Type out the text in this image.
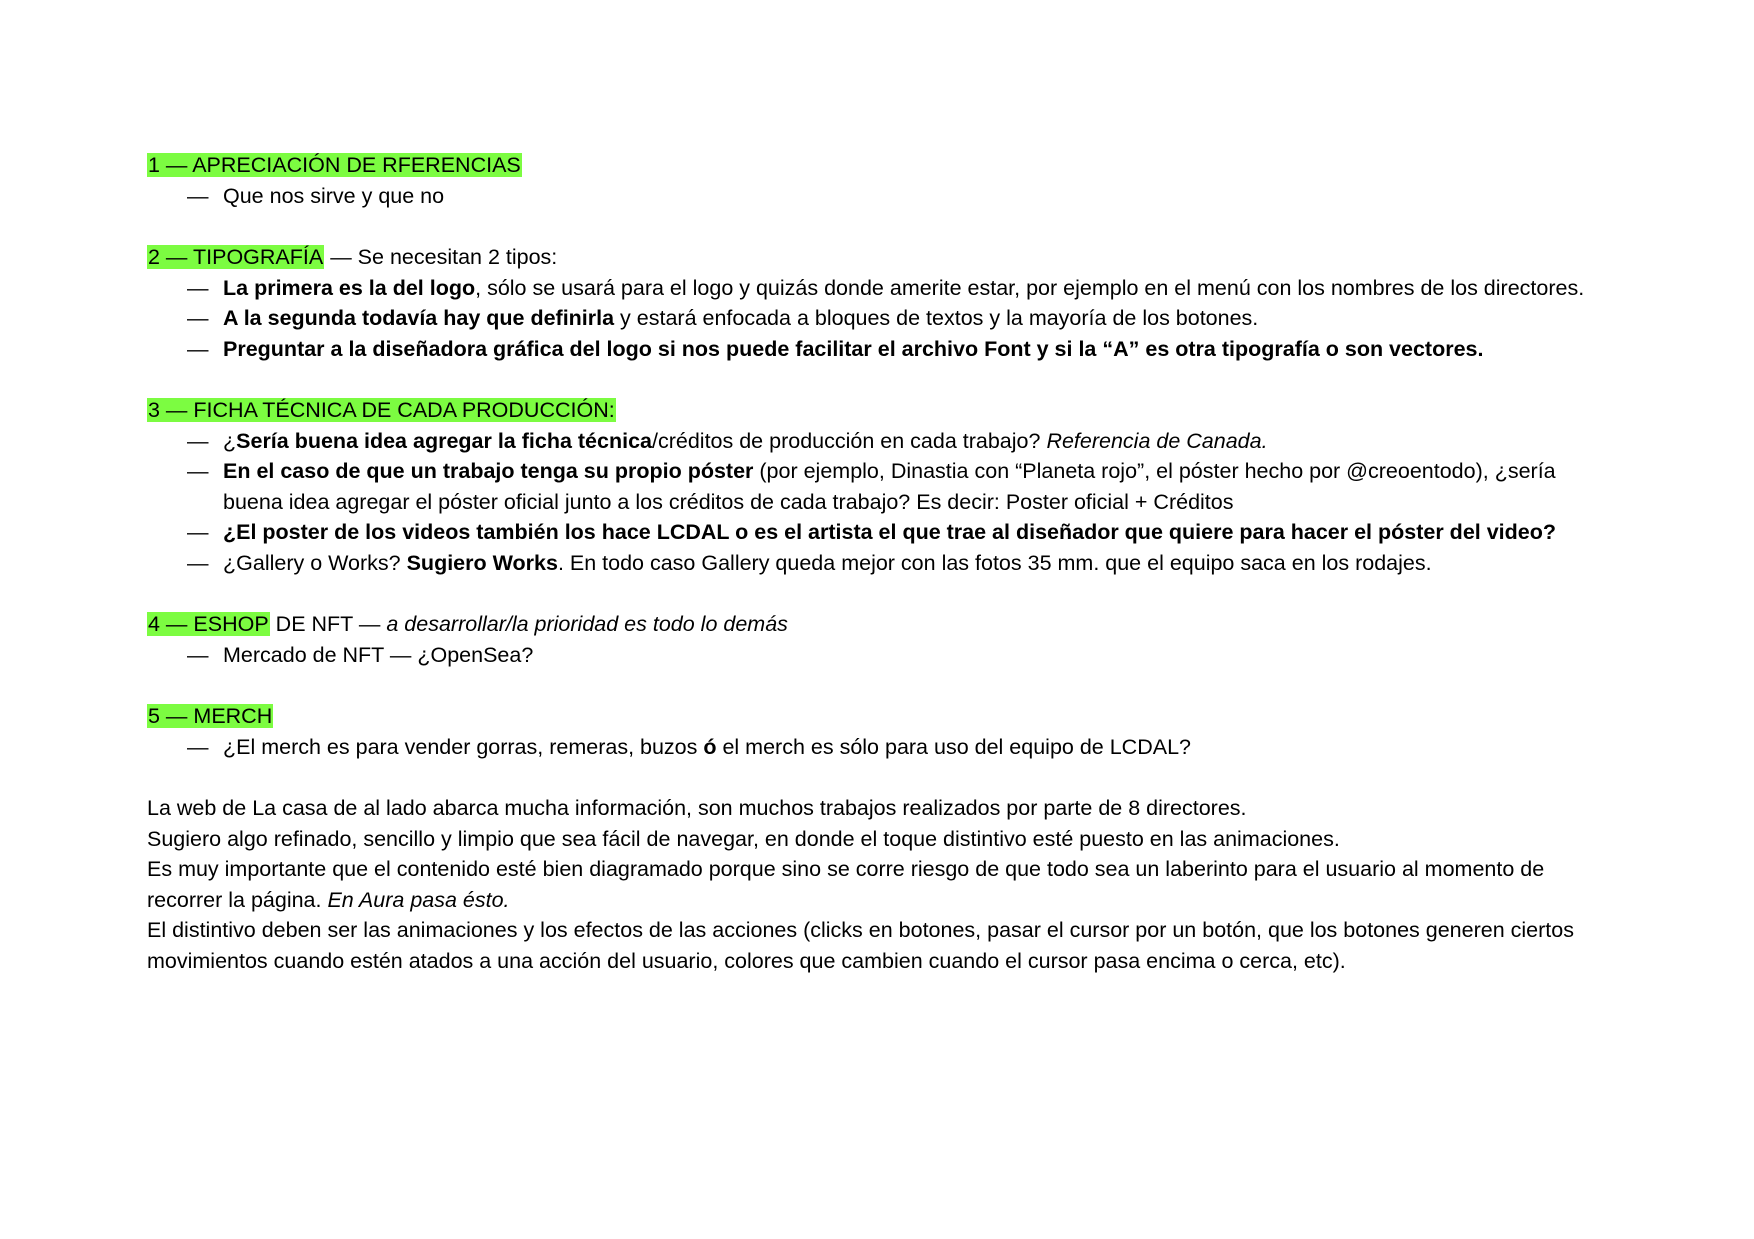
1 — APRECIACIÓN DE RFERENCIAS

— Que nos sirve y que no

2 — TIPOGRAFÍA — Se necesitan 2 tipos:

— La primera es la del logo, sólo se usará para el logo y quizás donde amerite estar, por ejemplo en el menú con los nombres de los directores.
— A la segunda todavía hay que definirla y estará enfocada a bloques de textos y la mayoría de los botones.
— Preguntar a la diseñadora gráfica del logo si nos puede facilitar el archivo Font y si la “A” es otra tipografía o son vectores.

3 — FICHA TÉCNICA DE CADA PRODUCCIÓN:

— ¿Sería buena idea agregar la ficha técnica/créditos de producción en cada trabajo? Referencia de Canada.
— En el caso de que un trabajo tenga su propio póster (por ejemplo, Dinastia con “Planeta rojo”, el póster hecho por @creoentodo), ¿sería buena idea agregar el póster oficial junto a los créditos de cada trabajo? Es decir: Poster oficial + Créditos
— ¿El poster de los videos también los hace LCDAL o es el artista el que trae al diseñador que quiere para hacer el póster del video?
— ¿Gallery o Works? Sugiero Works. En todo caso Gallery queda mejor con las fotos 35 mm. que el equipo saca en los rodajes.

4 — ESHOP DE NFT — a desarrollar/la prioridad es todo lo demás

— Mercado de NFT — ¿OpenSea?

5 — MERCH

— ¿El merch es para vender gorras, remeras, buzos ó el merch es sólo para uso del equipo de LCDAL?

La web de La casa de al lado abarca mucha información, son muchos trabajos realizados por parte de 8 directores.

Sugiero algo refinado, sencillo y limpio que sea fácil de navegar, en donde el toque distintivo esté puesto en las animaciones.

Es muy importante que el contenido esté bien diagramado porque sino se corre riesgo de que todo sea un laberinto para el usuario al momento de recorrer la página. En Aura pasa ésto.

El distintivo deben ser las animaciones y los efectos de las acciones (clicks en botones, pasar el cursor por un botón, que los botones generen ciertos movimientos cuando estén atados a una acción del usuario, colores que cambien cuando el cursor pasa encima o cerca, etc).
